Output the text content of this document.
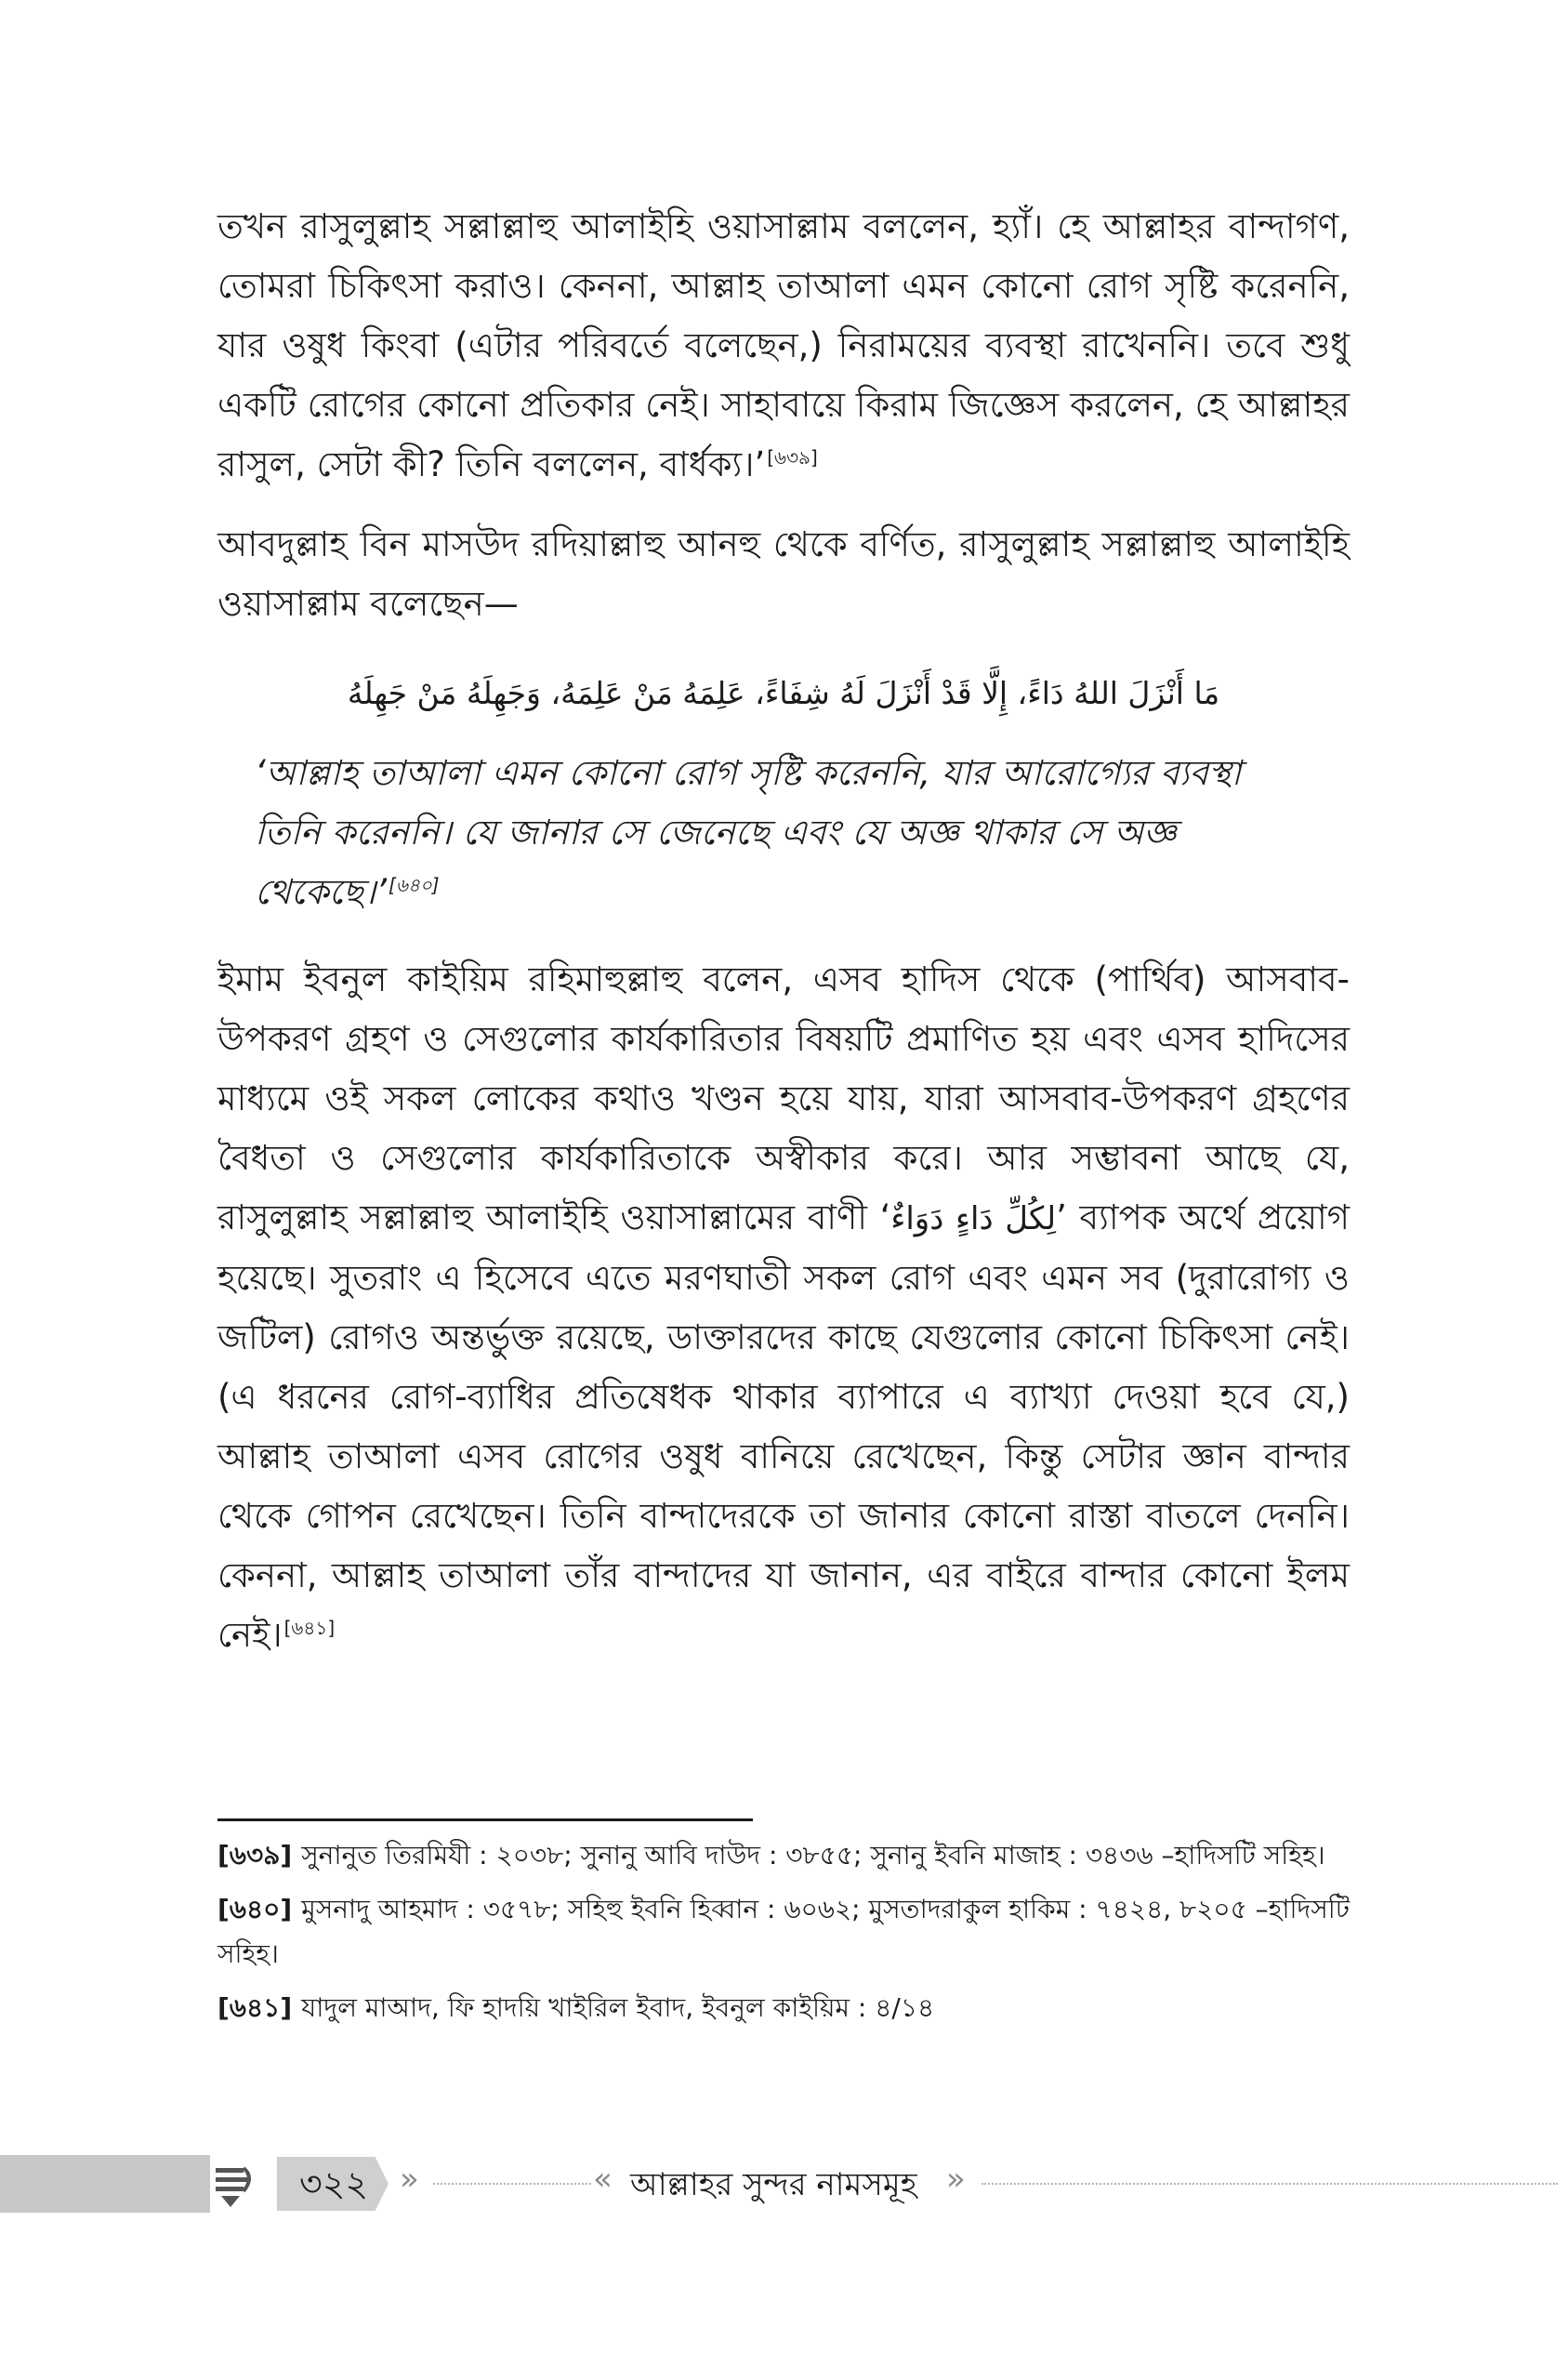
তখন রাসুলুল্লাহ সল্লাল্লাহু আলাইহি ওয়াসাল্লাম বললেন, হ্যাঁ। হে আল্লাহর বান্দাগণ, তোমরা চিকিৎসা করাও। কেননা, আল্লাহ তাআলা এমন কোনো রোগ সৃষ্টি করেননি, যার ওষুধ কিংবা (এটার পরিবর্তে বলেছেন,) নিরাময়ের ব্যবস্থা রাখেননি। তবে শুধু একটি রোগের কোনো প্রতিকার নেই। সাহাবায়ে কিরাম জিজ্ঞেস করলেন, হে আল্লাহর রাসুল, সেটা কী? তিনি বললেন, বার্ধক্য।’ [৬৩৯]

আবদুল্লাহ বিন মাসউদ রদিয়াল্লাহু আনহু থেকে বর্ণিত, রাসুলুল্লাহ সল্লাল্লাহু আলাইহি ওয়াসাল্লাম বলেছেন—

مَا أَنْزَلَ اللهُ دَاءً، إِلَّا قَدْ أَنْزَلَ لَهُ شِفَاءً، عَلِمَهُ مَنْ عَلِمَهُ، وَجَهِلَهُ مَنْ جَهِلَهُ
‘আল্লাহ তাআলা এমন কোনো রোগ সৃষ্টি করেননি, যার আরোগ্যের ব্যবস্থা তিনি করেননি। যে জানার সে জেনেছে এবং যে অজ্ঞ থাকার সে অজ্ঞ থেকেছে।’ [৬৪০]

ইমাম ইবনুল কাইয়িম রহিমাহুল্লাহু বলেন, এসব হাদিস থেকে (পার্থিব) আসবাব-উপকরণ গ্রহণ ও সেগুলোর কার্যকারিতার বিষয়টি প্রমাণিত হয় এবং এসব হাদিসের মাধ্যমে ওই সকল লোকের কথাও খণ্ডন হয়ে যায়, যারা আসবাব-উপকরণ গ্রহণের বৈধতা ও সেগুলোর কার্যকারিতাকে অস্বীকার করে। আর সম্ভাবনা আছে যে, রাসুলুল্লাহ সল্লাল্লাহু আলাইহি ওয়াসাল্লামের বাণী ‘لِكُلِّ دَاءٍ دَوَاءٌ’ ব্যাপক অর্থে প্রয়োগ হয়েছে। সুতরাং এ হিসেবে এতে মরণঘাতী সকল রোগ এবং এমন সব (দুরারোগ্য ও জটিল) রোগও অন্তর্ভুক্ত রয়েছে, ডাক্তারদের কাছে যেগুলোর কোনো চিকিৎসা নেই। (এ ধরনের রোগ-ব্যাধির প্রতিষেধক থাকার ব্যাপারে এ ব্যাখ্যা দেওয়া হবে যে,) আল্লাহ তাআলা এসব রোগের ওষুধ বানিয়ে রেখেছেন, কিন্তু সেটার জ্ঞান বান্দার থেকে গোপন রেখেছেন। তিনি বান্দাদেরকে তা জানার কোনো রাস্তা বাতলে দেননি। কেননা, আল্লাহ তাআলা তাঁর বান্দাদের যা জানান, এর বাইরে বান্দার কোনো ইলম নেই। [৬৪১]

[৬৩৯] সুনানুত তিরমিযী : ২০৩৮; সুনানু আবি দাউদ : ৩৮৫৫; সুনানু ইবনি মাজাহ : ৩৪৩৬ –হাদিসটি সহিহ।

[৬৪০] মুসনাদু আহমাদ : ৩৫৭৮; সহিহু ইবনি হিব্বান : ৬০৬২; মুসতাদরাকুল হাকিম : ৭৪২৪, ৮২০৫ –হাদিসটি সহিহ।

[৬৪১] যাদুল মাআদ, ফি হাদয়ি খাইরিল ইবাদ, ইবনুল কাইয়িম : ৪/১৪

৩২২ »	« আল্লাহর সুন্দর নামসমূহ »
